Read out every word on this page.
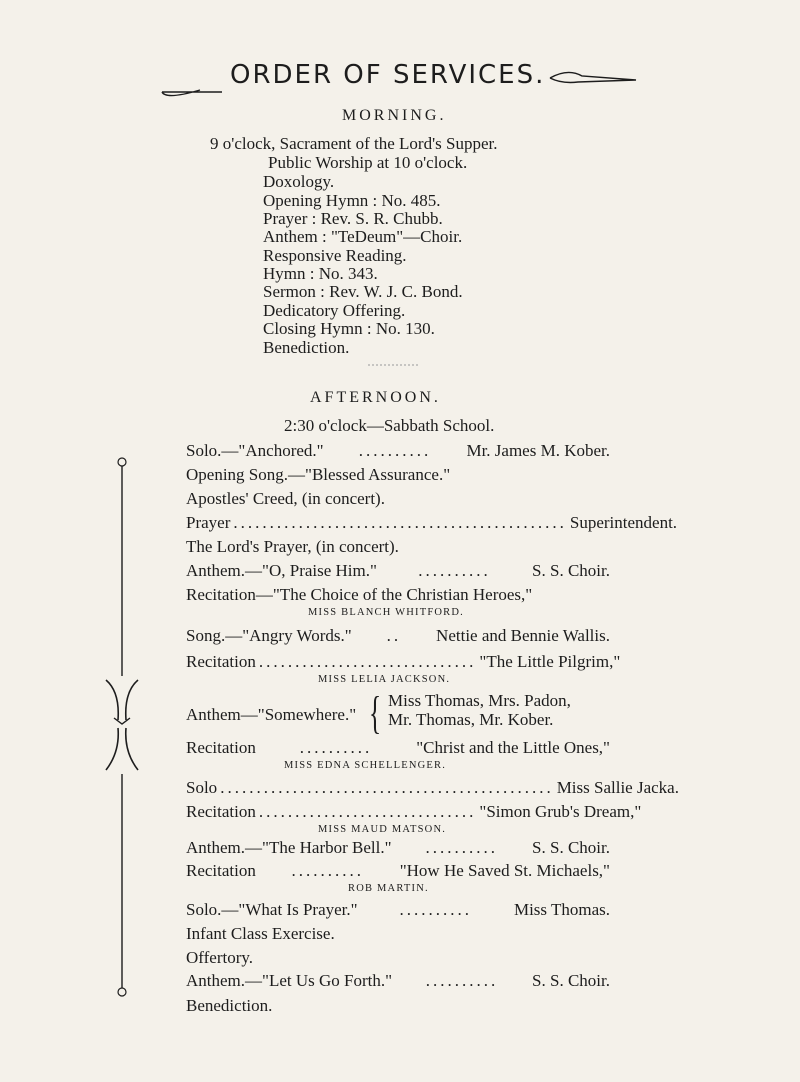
ORDER OF SERVICES.
MORNING.
9 o'clock, Sacrament of the Lord's Supper.
Public Worship at 10 o'clock.
Doxology.
Opening Hymn : No. 485.
Prayer : Rev. S. R. Chubb.
Anthem : "TeDeum"—Choir.
Responsive Reading.
Hymn : No. 343.
Sermon : Rev. W. J. C. Bond.
Dedicatory Offering.
Closing Hymn : No. 130.
Benediction.
AFTERNOON.
2:30 o'clock—Sabbath School.
Solo.—"Anchored."	..........	Mr. James M. Kober.
Opening Song.—"Blessed Assurance."
Apostles' Creed, (in concert).
Prayer .............................................. Superintendent.
The Lord's Prayer, (in concert).
Anthem.—"O, Praise Him."	..........	S. S. Choir.
Recitation—"The Choice of the Christian Heroes,"
MISS BLANCH WHITFORD.
Song.—"Angry Words."	..	Nettie and Bennie Wallis.
Recitation .............................. "The Little Pilgrim,"
MISS LELIA JACKSON.
Anthem—"Somewhere." { Miss Thomas, Mrs. Padon,
Mr. Thomas, Mr. Kober.
Recitation	..........	"Christ and the Little Ones,"
MISS EDNA SCHELLENGER.
Solo .............................................. Miss Sallie Jacka.
Recitation .............................. "Simon Grub's Dream,"
MISS MAUD MATSON.
Anthem.—"The Harbor Bell."	..........	S. S. Choir.
Recitation	..........	"How He Saved St. Michaels,"
ROB MARTIN.
Solo.—"What Is Prayer."	..........	Miss Thomas.
Infant Class Exercise.
Offertory.
Anthem.—"Let Us Go Forth."	..........	S. S. Choir.
Benediction.
